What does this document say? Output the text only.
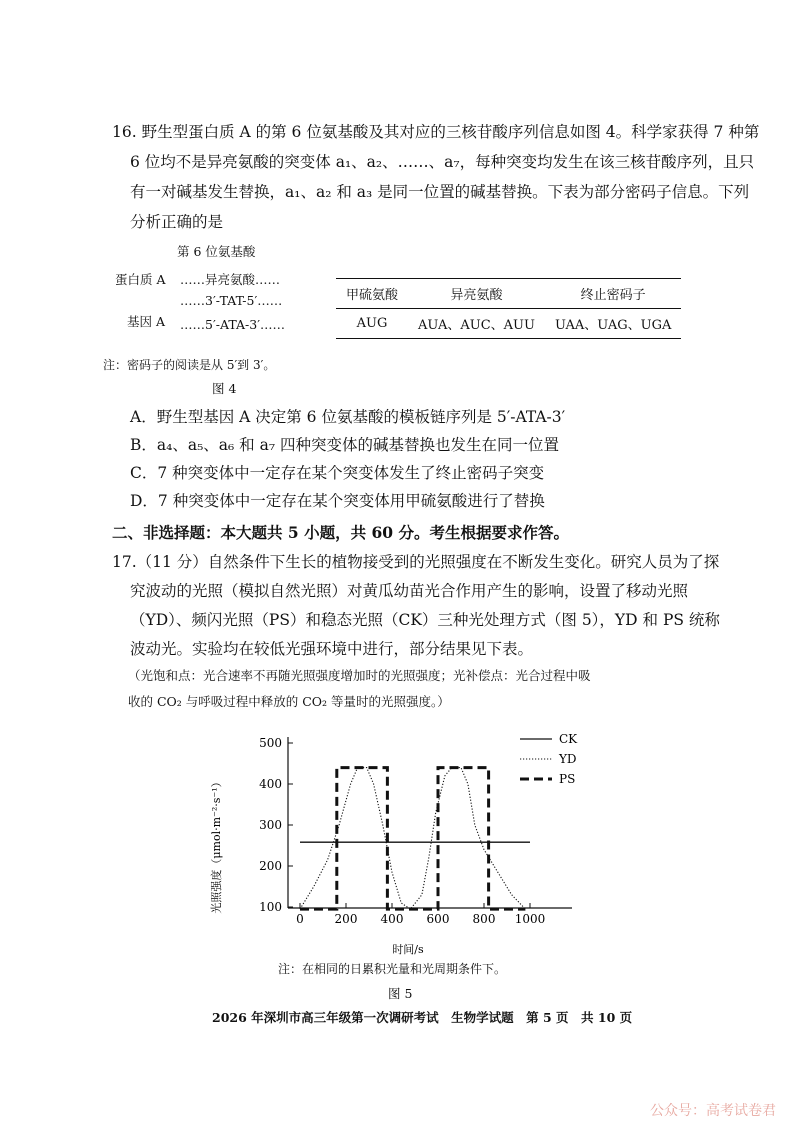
16. 野生型蛋白质 A 的第 6 位氨基酸及其对应的三核苷酸序列信息如图 4。科学家获得 7 种第
6 位均不是异亮氨酸的突变体 a₁、a₂、……、a₇，每种突变均发生在该三核苷酸序列，且只
有一对碱基发生替换，a₁、a₂ 和 a₃ 是同一位置的碱基替换。下表为部分密码子信息。下列
分析正确的是
第 6 位氨基酸
蛋白质 A ……异亮氨酸……
……3′-TAT-5′……
基因 A ……5′-ATA-3′……
注：密码子的阅读是从 5′到 3′。
图 4
甲硫氨酸	异亮氨酸	终止密码子
AUG	AUA、AUC、AUU	UAA、UAG、UGA
A．野生型基因 A 决定第 6 位氨基酸的模板链序列是 5′-ATA-3′
B．a₄、a₅、a₆ 和 a₇ 四种突变体的碱基替换也发生在同一位置
C．7 种突变体中一定存在某个突变体发生了终止密码子突变
D．7 种突变体中一定存在某个突变体用甲硫氨酸进行了替换
二、非选择题：本大题共 5 小题，共 60 分。考生根据要求作答。
17.（11 分）自然条件下生长的植物接受到的光照强度在不断发生变化。研究人员为了探
究波动的光照（模拟自然光照）对黄瓜幼苗光合作用产生的影响，设置了移动光照
（YD）、频闪光照（PS）和稳态光照（CK）三种光处理方式（图 5），YD 和 PS 统称
波动光。实验均在较低光强环境中进行，部分结果见下表。
（光饱和点：光合速率不再随光照强度增加时的光照强度；光补偿点：光合过程中吸
收的 CO₂ 与呼吸过程中释放的 CO₂ 等量时的光照强度。）
光照强度（μmol·m⁻²·s⁻¹）
时间/s
100
200
300
400
500
0	200 400 600 800 1000
CK
YD
PS
注：在相同的日累积光量和光周期条件下。
图 5
2026 年深圳市高三年级第一次调研考试　生物学试题　第 5 页　共 10 页
公众号：高考试卷君
